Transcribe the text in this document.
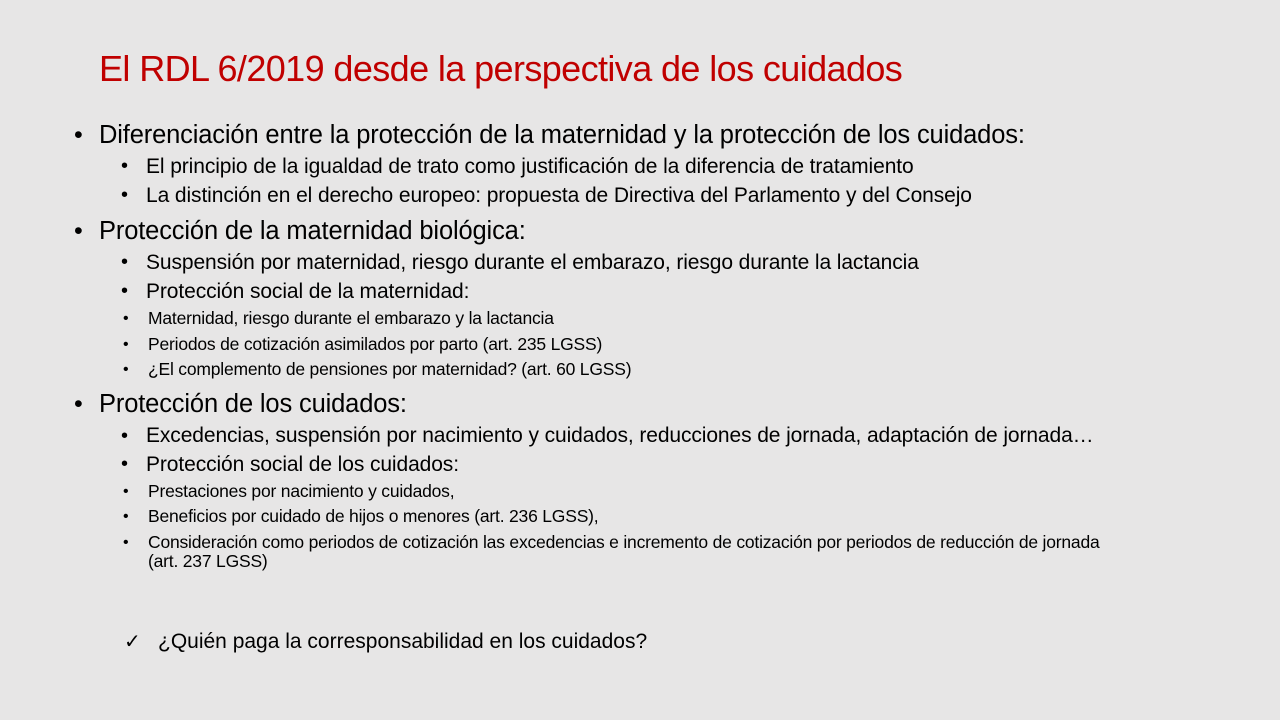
El RDL 6/2019 desde la perspectiva de los cuidados
• Diferenciación entre la protección de la maternidad y la protección de los cuidados:
• El principio de la igualdad de trato como justificación de la diferencia de tratamiento
• La distinción en el derecho europeo: propuesta de Directiva del Parlamento y del Consejo
• Protección de la maternidad biológica:
• Suspensión por maternidad, riesgo durante el embarazo, riesgo durante la lactancia
• Protección social de la maternidad:
• Maternidad, riesgo durante el embarazo y la lactancia
• Periodos de cotización asimilados por parto (art. 235 LGSS)
• ¿El complemento de pensiones por maternidad? (art. 60 LGSS)
• Protección de los cuidados:
• Excedencias, suspensión por nacimiento y cuidados, reducciones de jornada, adaptación de jornada…
• Protección social de los cuidados:
• Prestaciones por nacimiento y cuidados,
• Beneficios por cuidado de hijos o menores (art. 236 LGSS),
• Consideración como periodos de cotización las excedencias e incremento de cotización por periodos de reducción de jornada (art. 237 LGSS)
✓ ¿Quién paga la corresponsabilidad en los cuidados?
